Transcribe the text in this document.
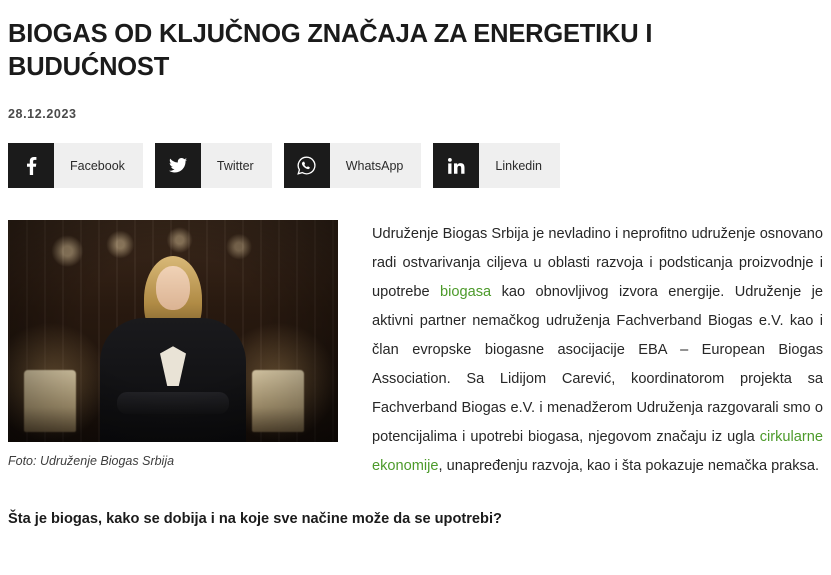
BIOGAS OD KLJUČNOG ZNAČAJA ZA ENERGETIKU I BUDUĆNOST
28.12.2023
Facebook	Twitter	WhatsApp	Linkedin
Foto: Udruženje Biogas Srbija
Udruženje Biogas Srbija je nevladino i neprofitno udruženje osnovano radi ostvarivanja ciljeva u oblasti razvoja i podsticanja proizvodnje i upotrebe biogasa kao obnovljivog izvora energije. Udruženje je aktivni partner nemačkog udruženja Fachverband Biogas e.V. kao i član evropske biogasne asocijacije EBA – European Biogas Association. Sa Lidijom Carević, koordinatorom projekta sa Fachverband Biogas e.V. i menadžerom Udruženja razgovarali smo o potencijalima i upotrebi biogasa, njegovom značaju iz ugla cirkularne ekonomije, unapređenju razvoja, kao i šta pokazuje nemačka praksa.
Šta je biogas, kako se dobija i na koje sve načine može da se upotrebi?
